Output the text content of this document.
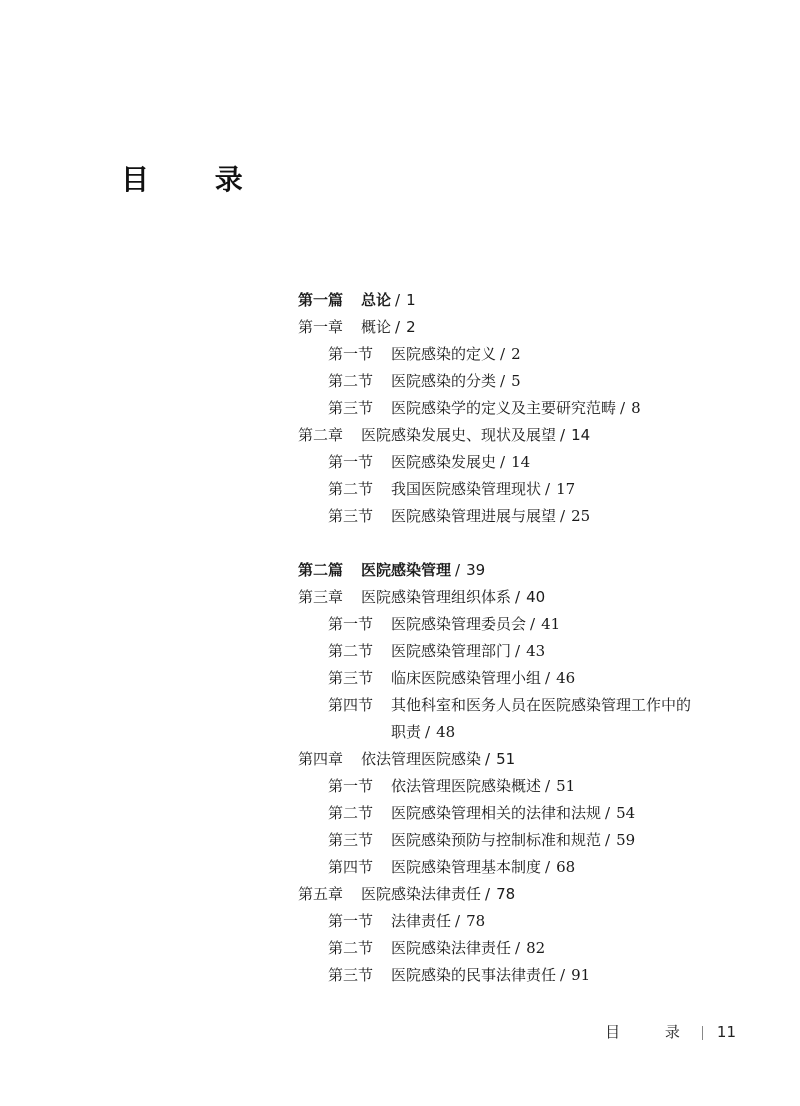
目 录
第一篇 总论 / 1
第一章 概论 / 2
第一节 医院感染的定义 / 2
第二节 医院感染的分类 / 5
第三节 医院感染学的定义及主要研究范畴 / 8
第二章 医院感染发展史、现状及展望 / 14
第一节 医院感染发展史 / 14
第二节 我国医院感染管理现状 / 17
第三节 医院感染管理进展与展望 / 25
第二篇 医院感染管理 / 39
第三章 医院感染管理组织体系 / 40
第一节 医院感染管理委员会 / 41
第二节 医院感染管理部门 / 43
第三节 临床医院感染管理小组 / 46
第四节 其他科室和医务人员在医院感染管理工作中的
职责 / 48
第四章 依法管理医院感染 / 51
第一节 依法管理医院感染概述 / 51
第二节 医院感染管理相关的法律和法规 / 54
第三节 医院感染预防与控制标准和规范 / 59
第四节 医院感染管理基本制度 / 68
第五章 医院感染法律责任 / 78
第一节 法律责任 / 78
第二节 医院感染法律责任 / 82
第三节 医院感染的民事法律责任 / 91
目 录 11
